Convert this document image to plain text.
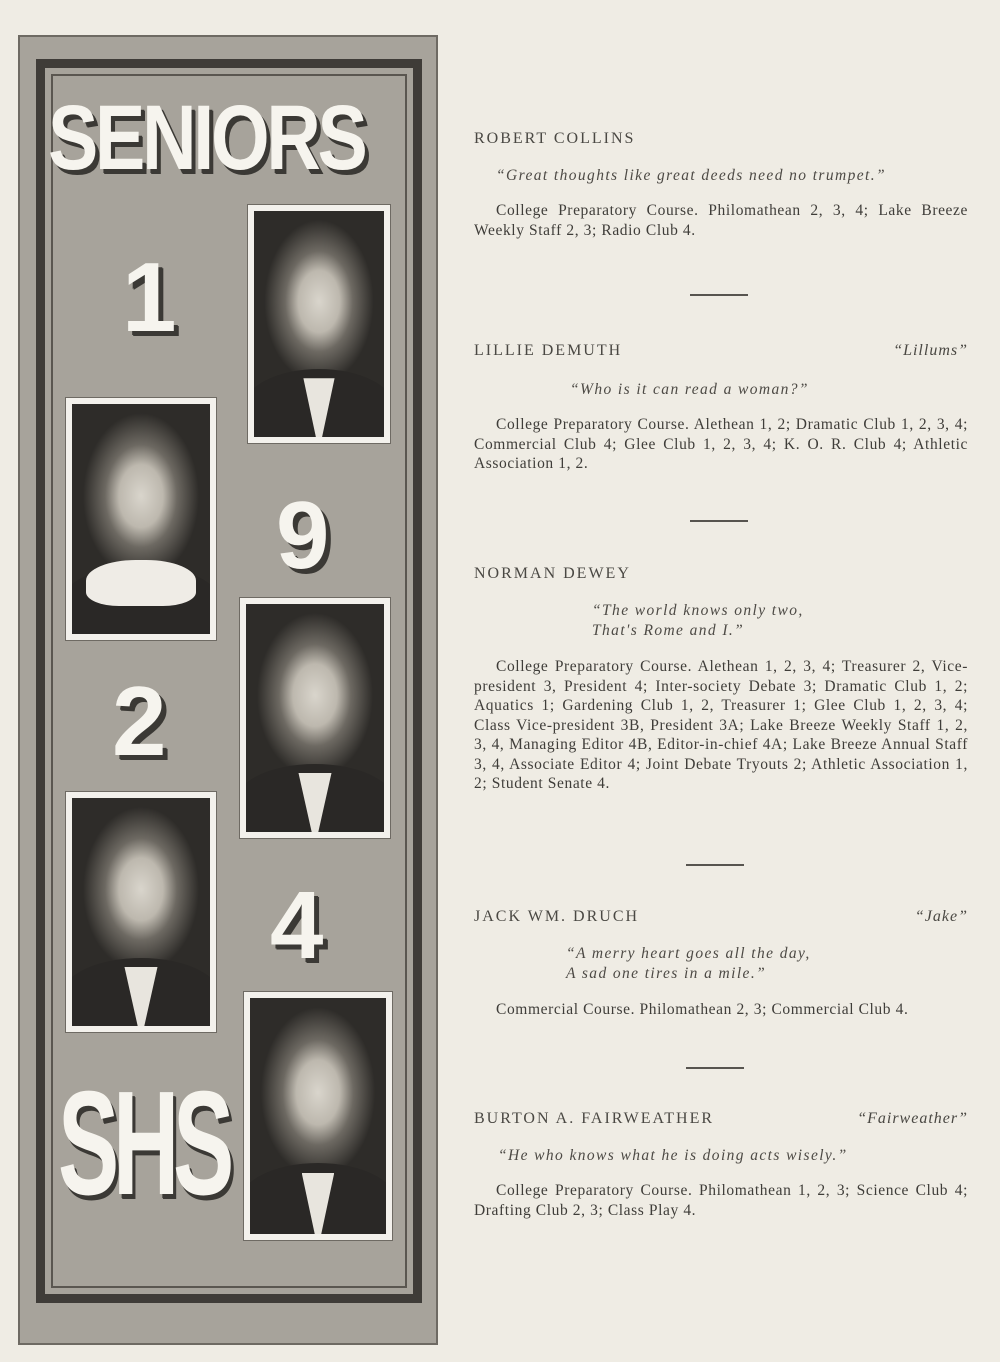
SENIORS
1
9
2
4
SHS
ROBERT COLLINS
“Great thoughts like great deeds need no trumpet.”
College Preparatory Course. Philomathean 2, 3, 4; Lake Breeze Weekly Staff 2, 3; Radio Club 4.
LILLIE DEMUTH	“Lillums”
“Who is it can read a woman?”
College Preparatory Course. Alethean 1, 2; Dramatic Club 1, 2, 3, 4; Commercial Club 4; Glee Club 1, 2, 3, 4; K. O. R. Club 4; Athletic Association 1, 2.
NORMAN DEWEY
“The world knows only two,
That's Rome and I.”
College Preparatory Course. Alethean 1, 2, 3, 4; Treasurer 2, Vice-president 3, President 4; Inter-society Debate 3; Dramatic Club 1, 2; Aquatics 1; Gardening Club 1, 2, Treasurer 1; Glee Club 1, 2, 3, 4; Class Vice-president 3B, President 3A; Lake Breeze Weekly Staff 1, 2, 3, 4, Managing Editor 4B, Editor-in-chief 4A; Lake Breeze Annual Staff 3, 4, Associate Editor 4; Joint Debate Tryouts 2; Athletic Association 1, 2; Student Senate 4.
JACK WM. DRUCH	“Jake”
“A merry heart goes all the day,
A sad one tires in a mile.”
Commercial Course. Philomathean 2, 3; Commercial Club 4.
BURTON A. FAIRWEATHER	“Fairweather”
“He who knows what he is doing acts wisely.”
College Preparatory Course. Philomathean 1, 2, 3; Science Club 4; Drafting Club 2, 3; Class Play 4.
